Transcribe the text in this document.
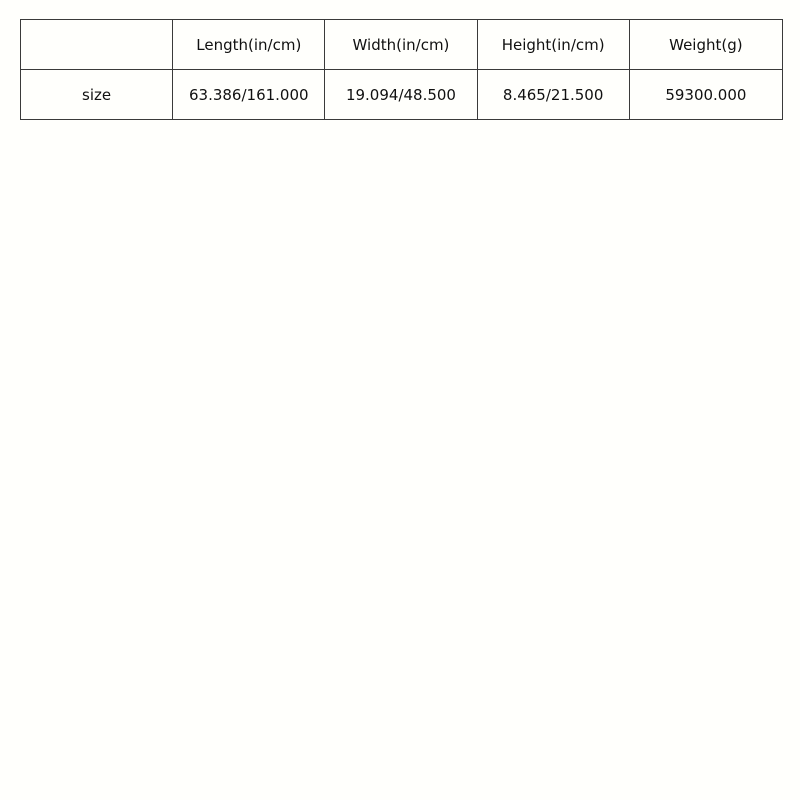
	Length(in/cm)	Width(in/cm)	Height(in/cm)	Weight(g)
size	63.386/161.000	19.094/48.500	8.465/21.500	59300.000
